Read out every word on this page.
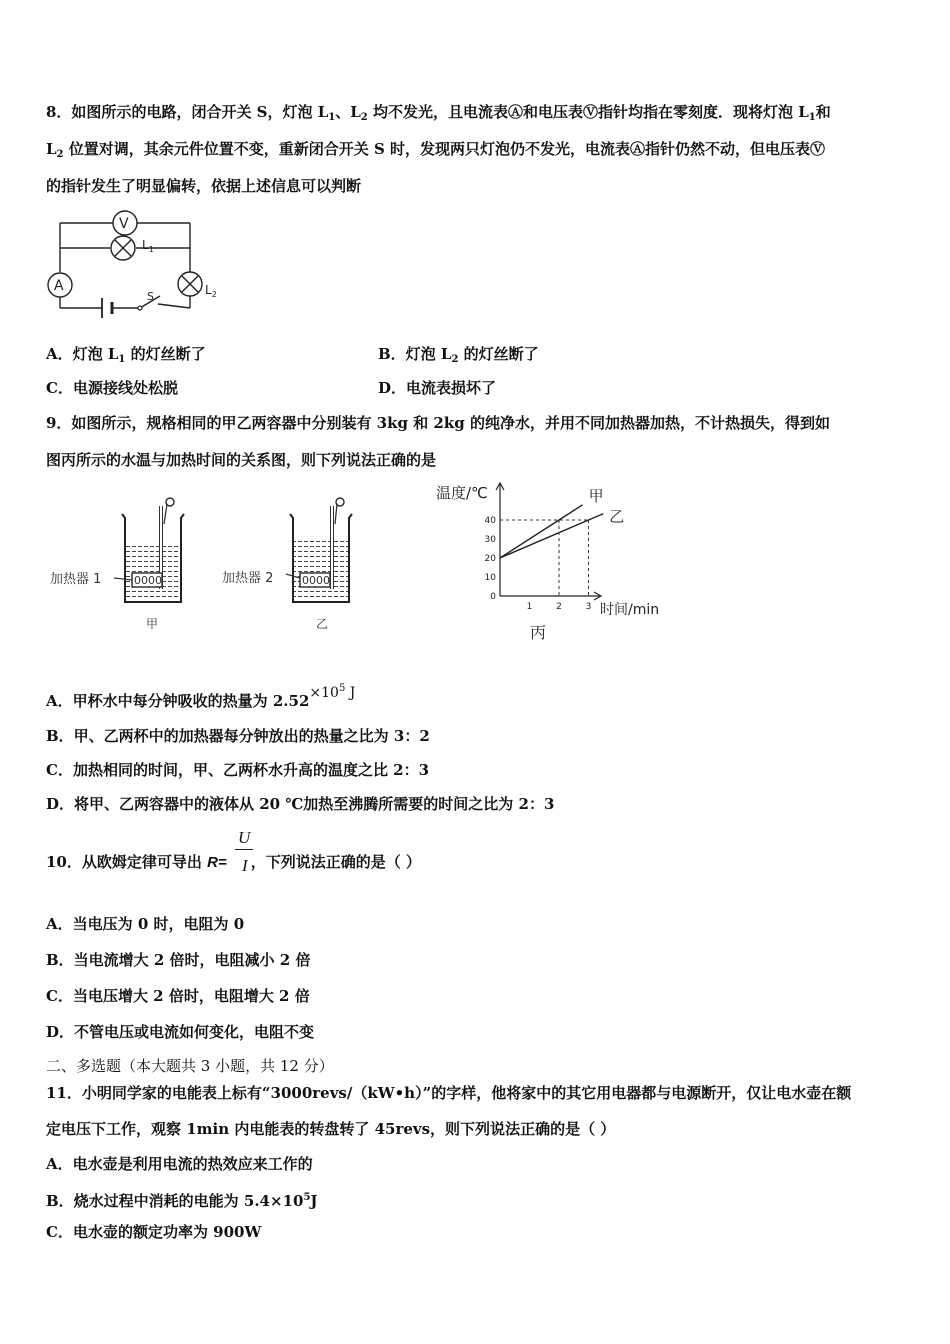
8．如图所示的电路，闭合开关 S，灯泡 $L_1$、$L_2$ 均不发光，且电流表Ⓐ和电压表Ⓥ指针均指在零刻度．现将灯泡 $L_1$和
$L_2$ 位置对调，其余元件位置不变，重新闭合开关 S 时，发现两只灯泡仍不发光，电流表Ⓐ指针仍然不动，但电压表Ⓥ
的指针发生了明显偏转，依据上述信息可以判断
V
A
$L_1$
$L_2$
S
A．灯泡 $L_1$ 的灯丝断了	B．灯泡 $L_2$ 的灯丝断了
C．电源接线处松脱	D．电流表损坏了
9．如图所示，规格相同的甲乙两容器中分别装有 3kg 和 2kg 的纯净水，并用不同加热器加热，不计热损失，得到如
图丙所示的水温与加热时间的关系图，则下列说法正确的是
0000
加热器 1
甲
0000
加热器 2
乙
温度/℃
时间/min
0
10
20
30
40
1	2	3
甲
乙
丙
A．甲杯水中每分钟吸收的热量为 $2.52\times 10^5$ J
B．甲、乙两杯中的加热器每分钟放出的热量之比为 3：2
C．加热相同的时间，甲、乙两杯水升高的温度之比 2：3
D．将甲、乙两容器中的液体从 20 ℃加热至沸腾所需要的时间之比为 2：3
U
I
10．从欧姆定律可导出 R= ，下列说法正确的是（ ）
A．当电压为 0 时，电阻为 0
B．当电流增大 2 倍时，电阻减小 2 倍
C．当电压增大 2 倍时，电阻增大 2 倍
D．不管电压或电流如何变化，电阻不变
二、多选题（本大题共 3 小题，共 12 分）
11．小明同学家的电能表上标有“3000revs/（kW•h）”的字样，他将家中的其它用电器都与电源断开，仅让电水壶在额
定电压下工作，观察 1min 内电能表的转盘转了 45revs，则下列说法正确的是（ ）
A．电水壶是利用电流的热效应来工作的
B．烧水过程中消耗的电能为 $5.4\times 10^5J$
C．电水壶的额定功率为 900W
